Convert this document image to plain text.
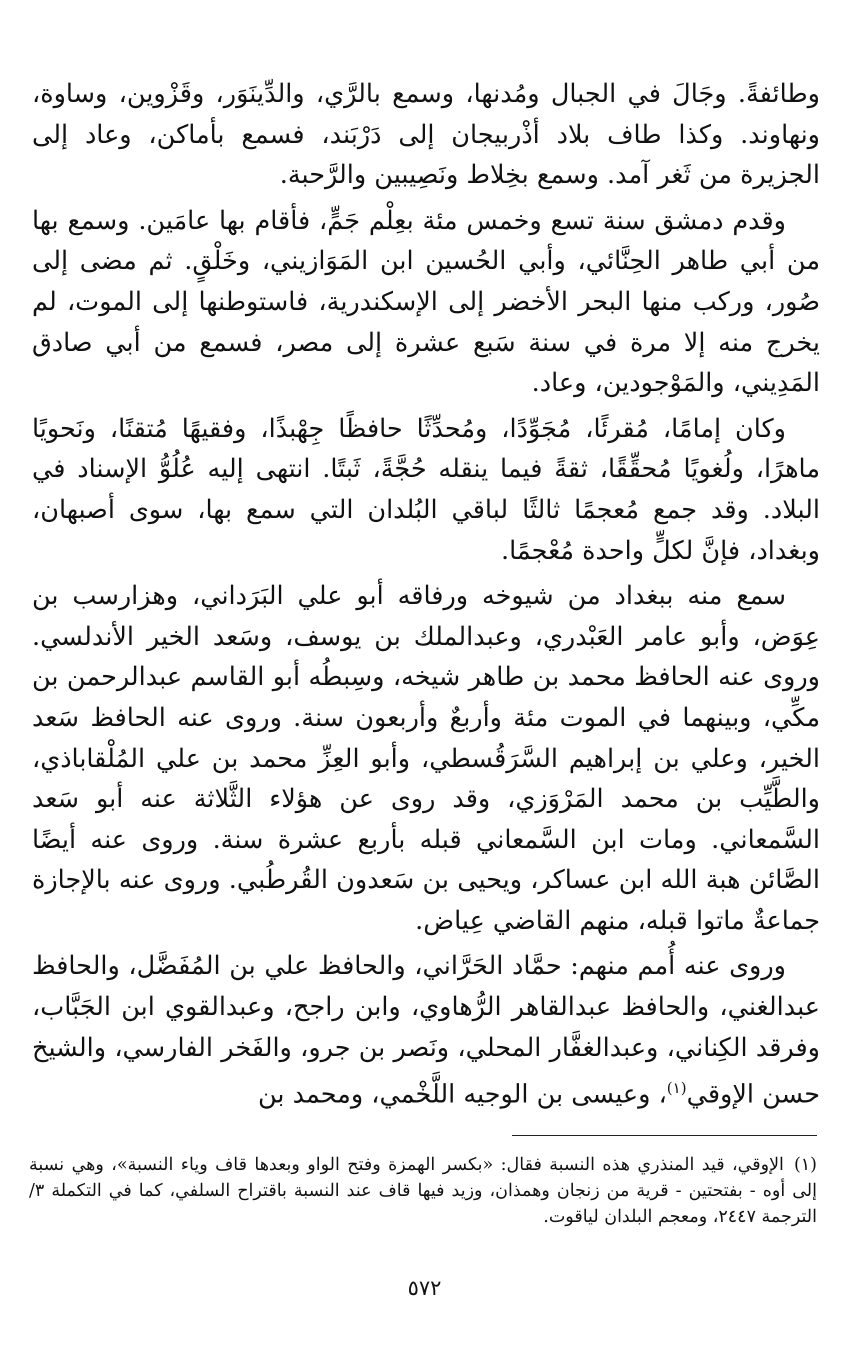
وطائفةً. وجَالَ في الجبال ومُدنها، وسمع بالرَّي، والدِّينَوَر، وقَزْوين، وساوة، ونهاوند. وكذا طاف بلاد أذْربيجان إلى دَرْبَند، فسمع بأماكن، وعاد إلى الجزيرة من ثَغر آمد. وسمع بخِلاط ونَصِيبين والرَّحبة.

وقدم دمشق سنة تسع وخمس مئة بعِلْم جَمٍّ، فأقام بها عامَين. وسمع بها من أبي طاهر الحِنَّائي، وأبي الحُسين ابن المَوَازيني، وخَلْقٍ. ثم مضى إلى صُور، وركب منها البحر الأخضر إلى الإسكندرية، فاستوطنها إلى الموت، لم يخرج منه إلا مرة في سنة سَبع عشرة إلى مصر، فسمع من أبي صادق المَدِيني، والمَوْجودين، وعاد.

وكان إمامًا، مُقرئًا، مُجَوِّدًا، ومُحدِّثًا حافظًا جِهْبذًا، وفقيهًا مُتقنًا، ونَحويًا ماهرًا، ولُغويًا مُحقِّقًا، ثقةً فيما ينقله حُجَّةً، ثَبتًا. انتهى إليه عُلُوُّ الإسناد في البلاد. وقد جمع مُعجمًا ثالثًا لباقي البُلدان التي سمع بها، سوى أصبهان، وبغداد، فإنَّ لكلٍّ واحدة مُعْجمًا.

سمع منه ببغداد من شيوخه ورفاقه أبو علي البَرَداني، وهزارسب بن عِوَض، وأبو عامر العَبْدري، وعبدالملك بن يوسف، وسَعد الخير الأندلسي. وروى عنه الحافظ محمد بن طاهر شيخه، وسِبطُه أبو القاسم عبدالرحمن بن مكِّي، وبينهما في الموت مئة وأربعٌ وأربعون سنة. وروى عنه الحافظ سَعد الخير، وعلي بن إبراهيم السَّرَقُسطي، وأبو العِزِّ محمد بن علي المُلْقاباذي، والطَّيِّب بن محمد المَرْوَزي، وقد روى عن هؤلاء الثَّلاثة عنه أبو سَعد السَّمعاني. ومات ابن السَّمعاني قبله بأربع عشرة سنة. وروى عنه أيضًا الصَّائن هبة الله ابن عساكر، ويحيى بن سَعدون القُرطُبي. وروى عنه بالإجازة جماعةٌ ماتوا قبله، منهم القاضي عِياض.

وروى عنه أُمم منهم: حمَّاد الحَرَّاني، والحافظ علي بن المُفَضَّل، والحافظ عبدالغني، والحافظ عبدالقاهر الرُّهاوي، وابن راجح، وعبدالقوي ابن الجَبَّاب، وفرقد الكِناني، وعبدالغفَّار المحلي، ونَصر بن جرو، والفَخر الفارسي، والشيخ حسن الإوقي$^{(١)}$، وعيسى بن الوجيه اللَّخْمي، ومحمد بن

(١)الإوقي، قيد المنذري هذه النسبة فقال: «بكسر الهمزة وفتح الواو وبعدها قاف وياء النسبة»، وهي نسبة إلى أوه - بفتحتين - قرية من زنجان وهمذان، وزيد فيها قاف عند النسبة باقتراح السلفي، كما في التكملة ٣/ الترجمة ٢٤٤٧، ومعجم البلدان لياقوت.
٥٧٢
